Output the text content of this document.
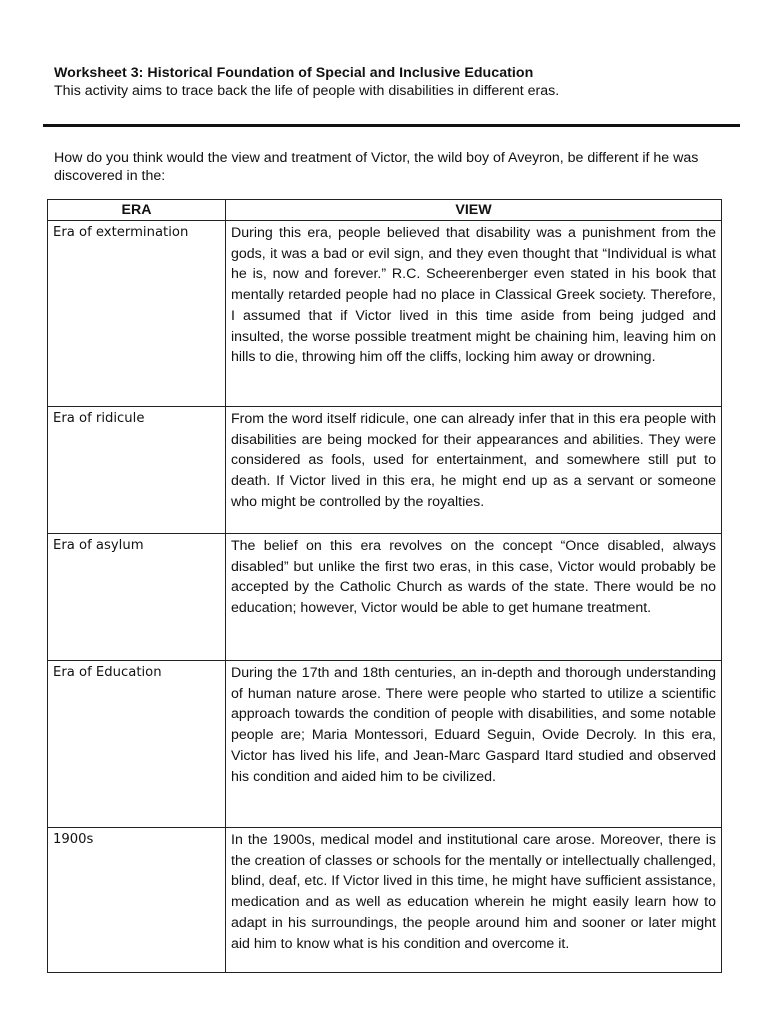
Worksheet 3: Historical Foundation of Special and Inclusive Education
This activity aims to trace back the life of people with disabilities in different eras.
How do you think would the view and treatment of Victor, the wild boy of Aveyron, be different if he was discovered in the:
ERA	VIEW
Era of extermination	During this era, people believed that disability was a punishment from the gods, it was a bad or evil sign, and they even thought that “Individual is what he is, now and forever.” R.C. Scheerenberger even stated in his book that mentally retarded people had no place in Classical Greek society. Therefore, I assumed that if Victor lived in this time aside from being judged and insulted, the worse possible treatment might be chaining him, leaving him on hills to die, throwing him off the cliffs, locking him away or drowning.
Era of ridicule	From the word itself ridicule, one can already infer that in this era people with disabilities are being mocked for their appearances and abilities. They were considered as fools, used for entertainment, and somewhere still put to death. If Victor lived in this era, he might end up as a servant or someone who might be controlled by the royalties.
Era of asylum	The belief on this era revolves on the concept “Once disabled, always disabled” but unlike the first two eras, in this case, Victor would probably be accepted by the Catholic Church as wards of the state. There would be no education; however, Victor would be able to get humane treatment.
Era of Education	During the 17th and 18th centuries, an in-depth and thorough understanding of human nature arose. There were people who started to utilize a scientific approach towards the condition of people with disabilities, and some notable people are; Maria Montessori, Eduard Seguin, Ovide Decroly. In this era, Victor has lived his life, and Jean-Marc Gaspard Itard studied and observed his condition and aided him to be civilized.
1900s	In the 1900s, medical model and institutional care arose. Moreover, there is the creation of classes or schools for the mentally or intellectually challenged, blind, deaf, etc. If Victor lived in this time, he might have sufficient assistance, medication and as well as education wherein he might easily learn how to adapt in his surroundings, the people around him and sooner or later might aid him to know what is his condition and overcome it.
